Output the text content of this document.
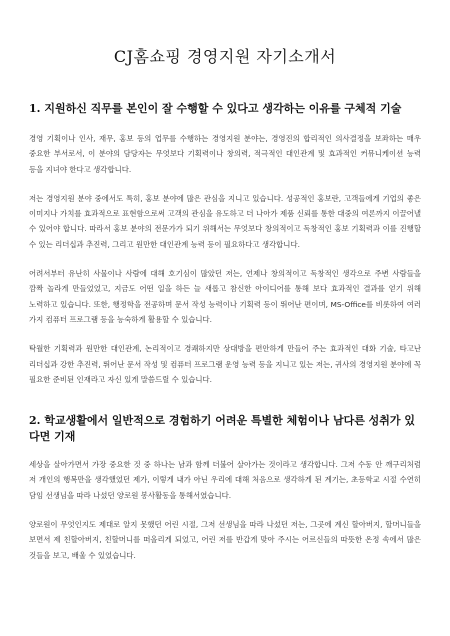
CJ홈쇼핑 경영지원 자기소개서
1. 지원하신 직무를 본인이 잘 수행할 수 있다고 생각하는 이유를 구체적 기술

경영 기획이나 인사, 재무, 홍보 등의 업무를 수행하는 경영지원 분야는, 경영진의 합리적인 의사결정을 보좌하는 매우 중요한 부서로서, 이 분야의 담당자는 무엇보다 기획력이나 창의력, 적극적인 대인관계 및 효과적인 커뮤니케이션 능력 등을 지녀야 한다고 생각합니다.

저는 경영지원 분야 중에서도 특히, 홍보 분야에 많은 관심을 지니고 있습니다. 성공적인 홍보란, 고객들에게 기업의 좋은 이미지나 가치를 효과적으로 표현함으로써 고객의 관심을 유도하고 더 나아가 제품 신뢰를 통한 대중의 여론까지 이끌어낼 수 있어야 합니다. 따라서 홍보 분야의 전문가가 되기 위해서는 무엇보다 창의적이고 독창적인 홍보 기획력과 이를 진행할 수 있는 리더십과 추진력, 그리고 원만한 대인관계 능력 등이 필요하다고 생각합니다.

어려서부터 유난히 사물이나 사람에 대해 호기심이 많았던 저는, 언제나 창의적이고 독창적인 생각으로 주변 사람들을 깜짝 놀라게 만들었었고, 지금도 어떤 일을 하든 늘 새롭고 참신한 아이디어를 통해 보다 효과적인 결과를 얻기 위해 노력하고 있습니다. 또한, 행정학을 전공하며 문서 작성 능력이나 기획력 등이 뛰어난 편이며, MS-Office를 비롯하여 여러 가지 컴퓨터 프로그램 등을 능숙하게 활용할 수 있습니다.

탁월한 기획력과 원만한 대인관계, 논리적이고 경쾌하지만 상대방을 편안하게 만들어 주는 효과적인 대화 기술, 타고난 리더십과 강한 추진력, 뛰어난 문서 작성 및 컴퓨터 프로그램 운영 능력 등을 지니고 있는 저는, 귀사의 경영지원 분야에 꼭 필요한 준비된 인재라고 자신 있게 말씀드릴 수 있습니다.

2. 학교생활에서 일반적으로 경험하기 어려운 특별한 체험이나 남다른 성취가 있다면 기재

세상을 살아가면서 가장 중요한 것 중 하나는 남과 함께 더불어 살아가는 것이라고 생각합니다. 그저 수동 안 깨구리처럼 저 개인의 행복만을 생각했었던 제가, 이렇게 내가 아닌 우리에 대해 처음으로 생각하게 된 계기는, 초등학교 시절 수연히 담임 선생님을 따라 나섰던 양로원 봉사활동을 통해서였습니다.

양로원이 무엇인지도 제대로 알지 못했던 어린 시절, 그저 선생님을 따라 나섰던 저는, 그곳에 계신 할아버지, 할머니들을 보면서 제 친할아버지, 친할머니를 떠올리게 되었고, 어린 저를 반갑게 맞아 주시는 어르신들의 따뜻한 온정 속에서 많은 것들을 보고, 배울 수 있었습니다.
